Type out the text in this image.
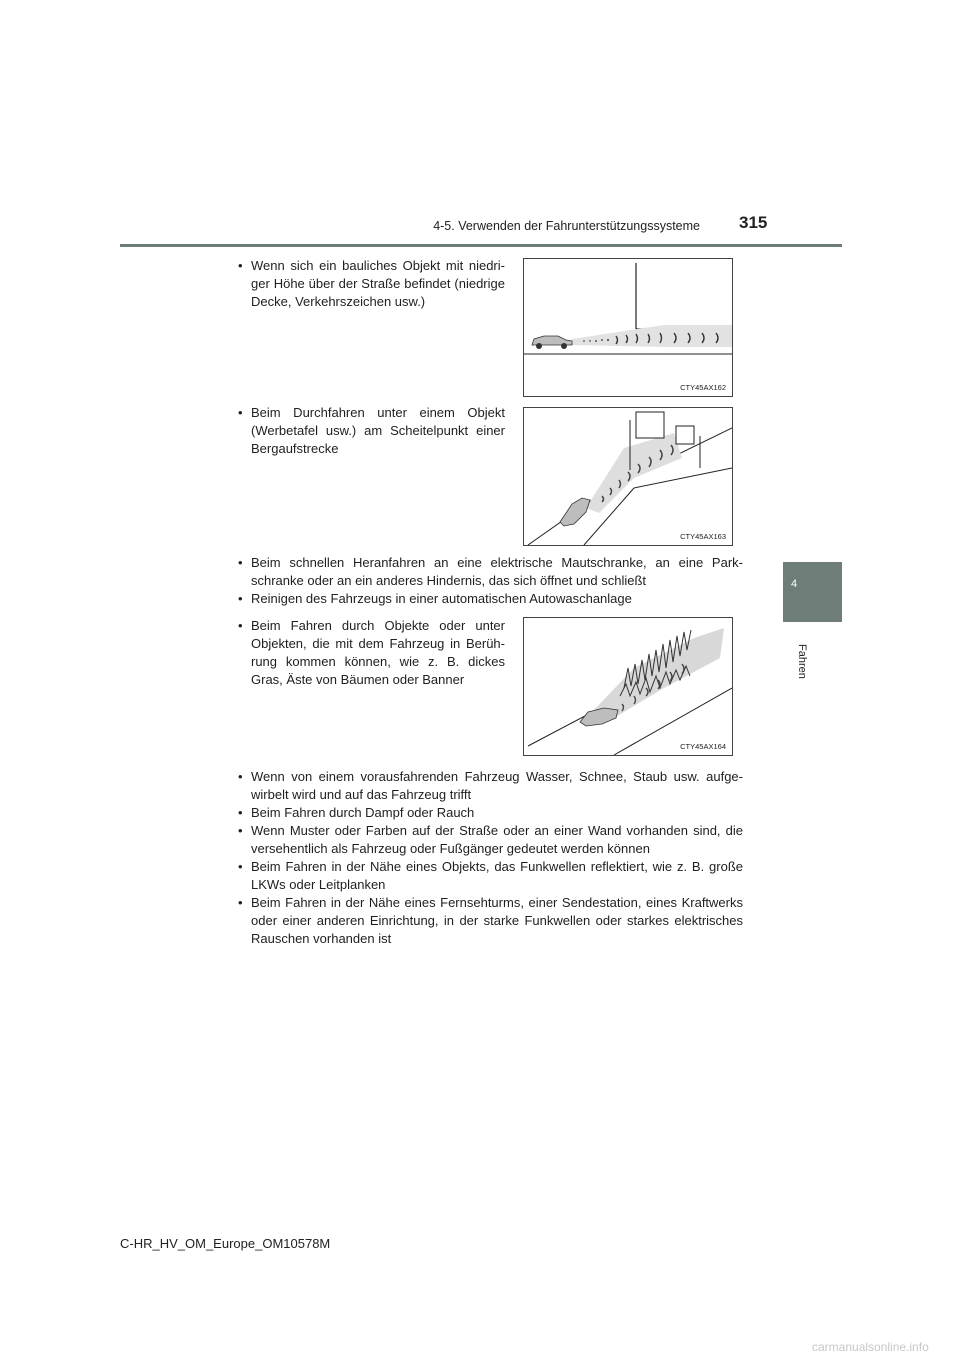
4-5. Verwenden der Fahrunterstützungssysteme 315
4
Fahren
• Wenn sich ein bauliches Objekt mit niedriger Höhe über der Straße befindet (niedrige Decke, Verkehrszeichen usw.)
• Beim Durchfahren unter einem Objekt (Werbetafel usw.) am Scheitelpunkt einer Bergaufstrecke
• Beim schnellen Heranfahren an eine elektrische Mautschranke, an eine Parkschranke oder an ein anderes Hindernis, das sich öffnet und schließt
• Reinigen des Fahrzeugs in einer automatischen Autowaschanlage
• Beim Fahren durch Objekte oder unter Objekten, die mit dem Fahrzeug in Berührung kommen können, wie z. B. dickes Gras, Äste von Bäumen oder Banner
• Wenn von einem vorausfahrenden Fahrzeug Wasser, Schnee, Staub usw. aufgewirbelt wird und auf das Fahrzeug trifft
• Beim Fahren durch Dampf oder Rauch
• Wenn Muster oder Farben auf der Straße oder an einer Wand vorhanden sind, die versehentlich als Fahrzeug oder Fußgänger gedeutet werden können
• Beim Fahren in der Nähe eines Objekts, das Funkwellen reflektiert, wie z. B. große LKWs oder Leitplanken
• Beim Fahren in der Nähe eines Fernsehturms, einer Sendestation, eines Kraftwerks oder einer anderen Einrichtung, in der starke Funkwellen oder starkes elektrisches Rauschen vorhanden ist
CTY45AX162
CTY45AX163
CTY45AX164
C-HR_HV_OM_Europe_OM10578M
carmanualsonline.info
